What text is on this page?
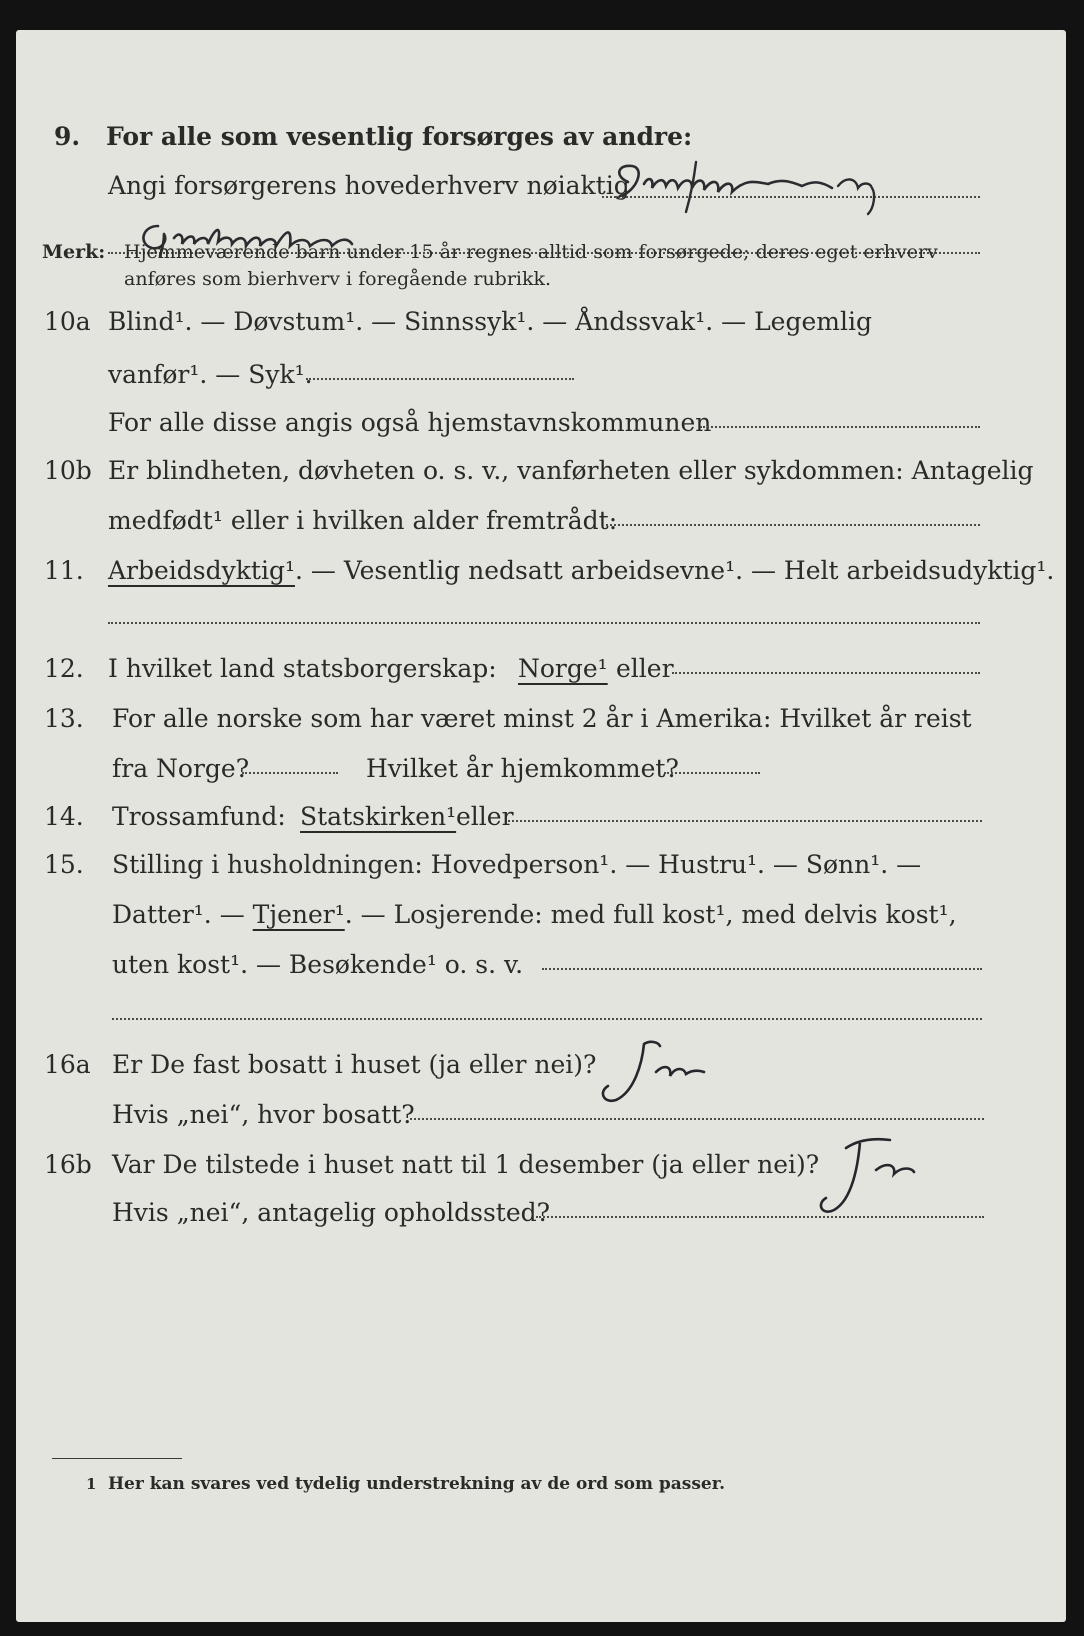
9. For alle som vesentlig forsørges av andre:
Angi forsørgerens hovederhverv nøiaktig
Merk: Hjemmeværende barn under 15 år regnes alltid som forsørgede; deres eget erhverv
anføres som bierhverv i foregående rubrikk.
10a Blind¹. — Døvstum¹. — Sinnssyk¹. — Åndssvak¹. — Legemlig
vanfør¹. — Syk¹.
For alle disse angis også hjemstavnskommunen
10b Er blindheten, døvheten o. s. v., vanførheten eller sykdommen: Antagelig
medfødt¹ eller i hvilken alder fremtrådt:
11. Arbeidsdyktig¹. — Vesentlig nedsatt arbeidsevne¹. — Helt arbeidsudyktig¹.
12. I hvilket land statsborgerskap: Norge¹ eller
13. For alle norske som har været minst 2 år i Amerika: Hvilket år reist
fra Norge?	Hvilket år hjemkommet?
14. Trossamfund: Statskirken¹ eller
15. Stilling i husholdningen: Hovedperson¹. — Hustru¹. — Sønn¹. —
Datter¹. — Tjener¹. — Losjerende: med full kost¹, med delvis kost¹,
uten kost¹. — Besøkende¹ o. s. v.
16a Er De fast bosatt i huset (ja eller nei)?
Hvis „nei“, hvor bosatt?
16b Var De tilstede i huset natt til 1 desember (ja eller nei)?
Hvis „nei“, antagelig opholdssted?
1 Her kan svares ved tydelig understrekning av de ord som passer.
